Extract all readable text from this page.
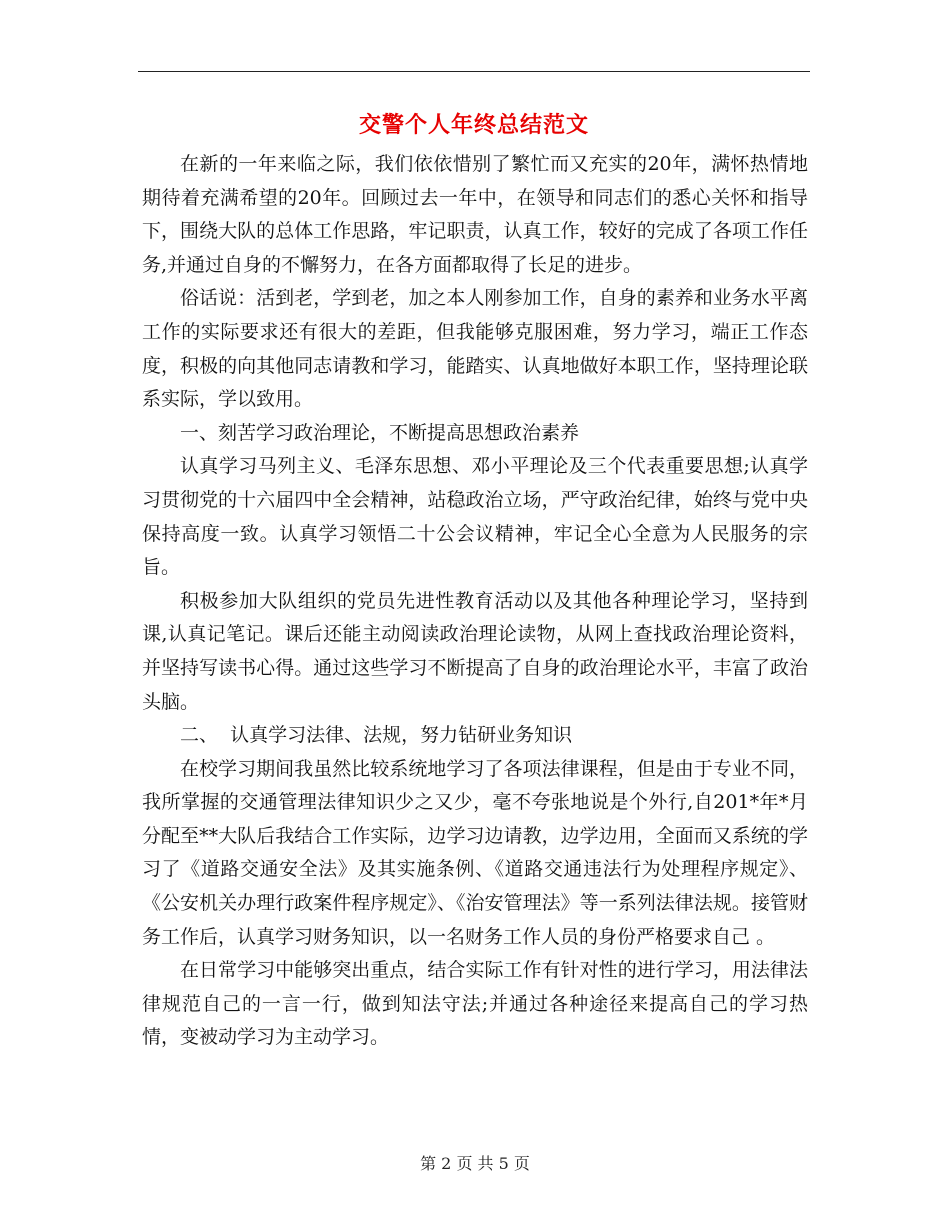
交警个人年终总结范文

在新的一年来临之际，我们依依惜别了繁忙而又充实的20年，满怀热情地期待着充满希望的20年。回顾过去一年中，在领导和同志们的悉心关怀和指导下，围绕大队的总体工作思路，牢记职责，认真工作，较好的完成了各项工作任务,并通过自身的不懈努力，在各方面都取得了长足的进步。

俗话说：活到老，学到老，加之本人刚参加工作，自身的素养和业务水平离工作的实际要求还有很大的差距，但我能够克服困难，努力学习，端正工作态度，积极的向其他同志请教和学习，能踏实、认真地做好本职工作，坚持理论联系实际，学以致用。

一、刻苦学习政治理论，不断提高思想政治素养

认真学习马列主义、毛泽东思想、邓小平理论及三个代表重要思想;认真学习贯彻党的十六届四中全会精神，站稳政治立场，严守政治纪律，始终与党中央保持高度一致。认真学习领悟二十公会议精神，牢记全心全意为人民服务的宗旨。

积极参加大队组织的党员先进性教育活动以及其他各种理论学习，坚持到课,认真记笔记。课后还能主动阅读政治理论读物，从网上查找政治理论资料，并坚持写读书心得。通过这些学习不断提高了自身的政治理论水平，丰富了政治头脑。

二、  认真学习法律、法规，努力钻研业务知识

在校学习期间我虽然比较系统地学习了各项法律课程，但是由于专业不同，我所掌握的交通管理法律知识少之又少，毫不夸张地说是个外行,自201*年*月分配至**大队后我结合工作实际，边学习边请教，边学边用，全面而又系统的学习了《道路交通安全法》及其实施条例、《道路交通违法行为处理程序规定》、《公安机关办理行政案件程序规定》、《治安管理法》等一系列法律法规。接管财务工作后，认真学习财务知识，以一名财务工作人员的身份严格要求自己 。

在日常学习中能够突出重点，结合实际工作有针对性的进行学习，用法律法律规范自己的一言一行，做到知法守法;并通过各种途径来提高自己的学习热情，变被动学习为主动学习。

第 2 页 共 5 页
